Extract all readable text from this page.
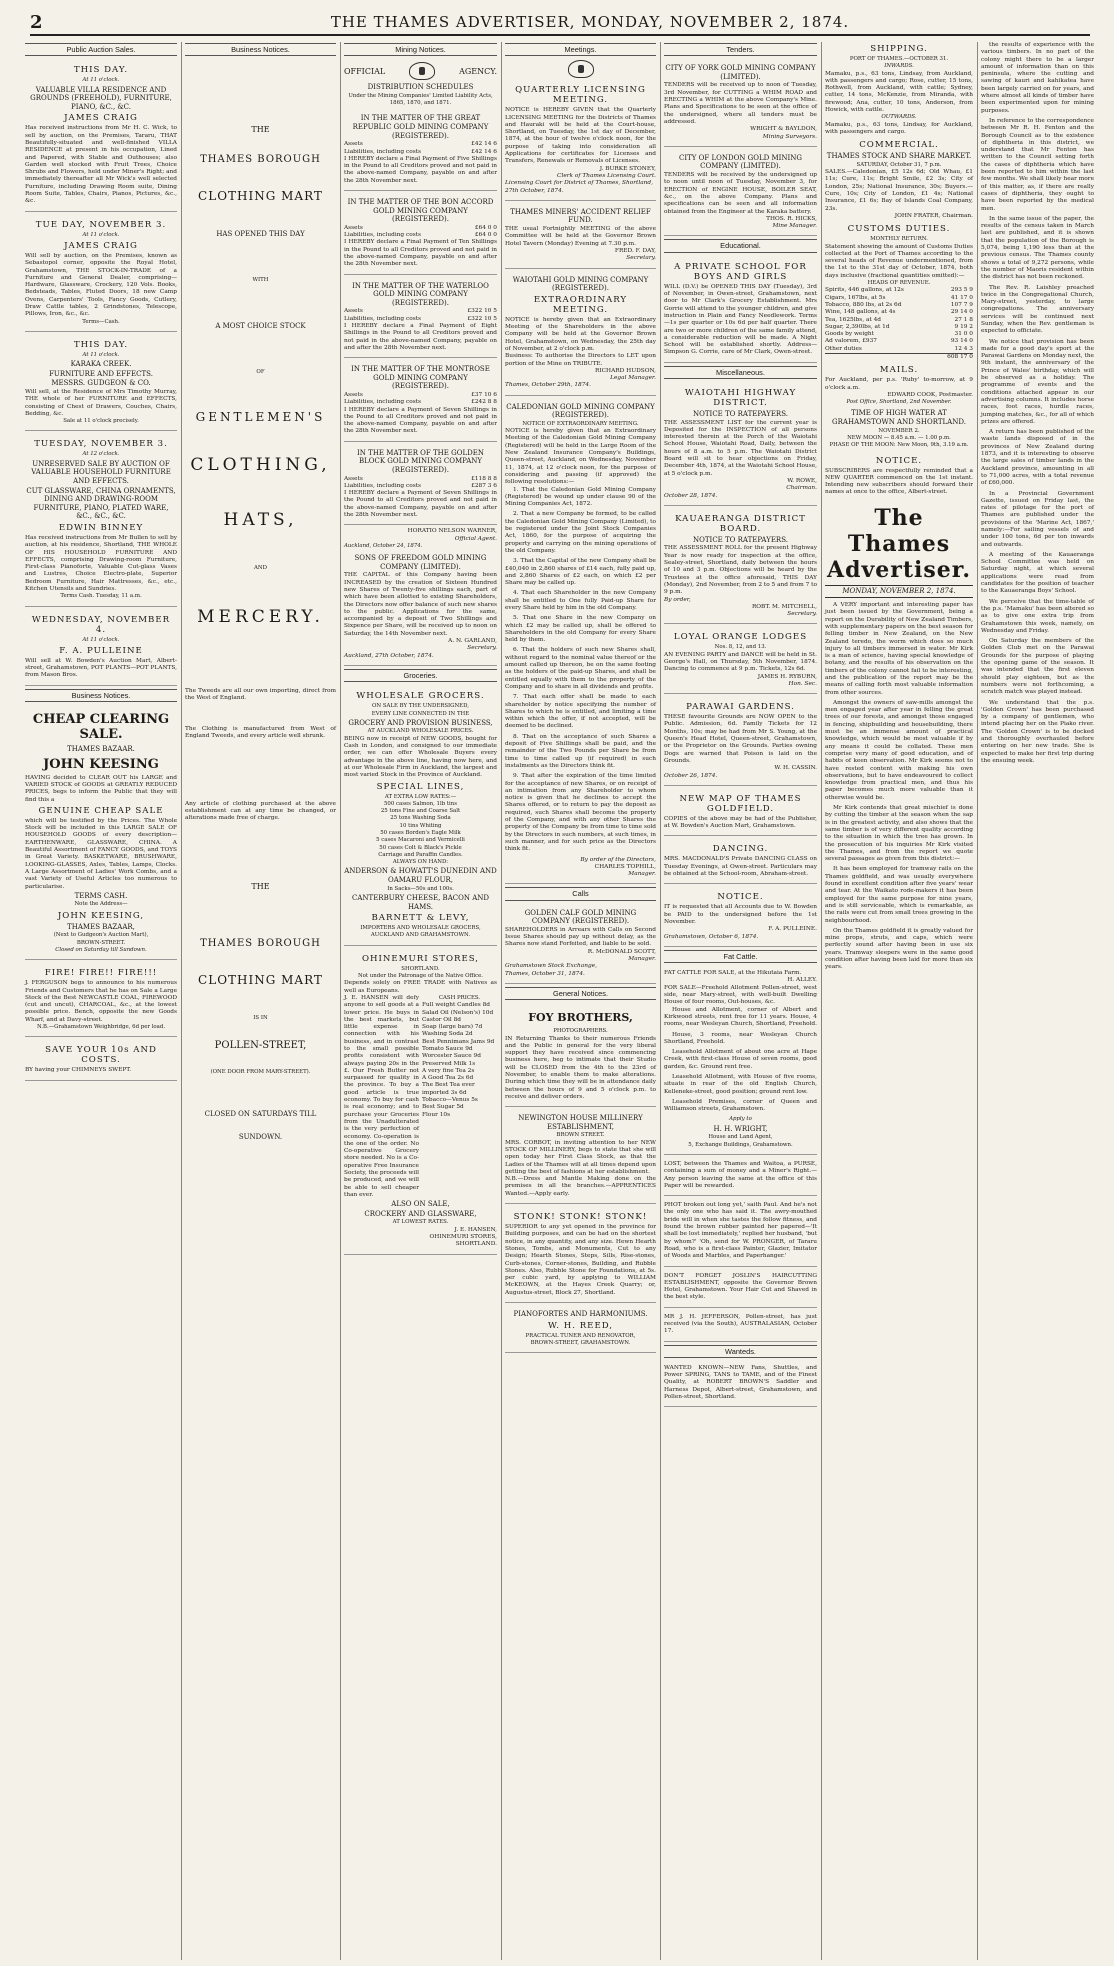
2	THE THAMES ADVERTISER, MONDAY, NOVEMBER 2, 1874.
Public Auction Sales.
THIS DAY.
At 11 o'clock.
VALUABLE VILLA RESIDENCE AND GROUNDS (FREEHOLD), FURNITURE, PIANO, &C., &C.
JAMES CRAIG
Has received instructions from Mr H. C. Wick, to sell by auction, on the Premises, Tararu, THAT Beautifully-situated and well-finished VILLA RESIDENCE at present in his occupation, Lined and Papered, with Stable and Outhouses; also Garden well stocked with Fruit Trees, Choice Shrubs and Flowers, held under Miner's Right; and immediately thereafter all Mr Wick's well selected Furniture, including Drawing Room suite, Dining Room Suite, Tables, Chairs, Pianos, Pictures, &c., &c.
TUE DAY, NOVEMBER 3.
At 11 o'clock.
JAMES CRAIG
Will sell by auction, on the Premises, known as Sebastopol corner, opposite the Royal Hotel, Grahamstown, THE STOCK-IN-TRADE of a Furniture and General Dealer, comprising—Hardware, Glassware, Crockery, 120 Vols. Books, Bedsteads, Tables, Fluted Doors, 18 new Camp Ovens, Carpenters' Tools, Fancy Goods, Cutlery, Draw Cattle tables, 2 Grindstones, Telescope, Pillows, Iron, &c., &c.
Terms—Cash.
THIS DAY.
At 11 o'clock.
KARAKA CREEK.
FURNITURE AND EFFECTS.
MESSRS. GUDGEON & CO.
Will sell, at the Residence of Mrs Timothy Murray, THE whole of her FURNITURE and EFFECTS, consisting of Chest of Drawers, Couches, Chairs, Bedding, &c.
Sale at 11 o'clock precisely.
TUESDAY, NOVEMBER 3.
At 12 o'clock.
UNRESERVED SALE BY AUCTION OF VALUABLE HOUSEHOLD FURNITURE AND EFFECTS.
CUT GLASSWARE, CHINA ORNAMENTS, DINING AND DRAWING-ROOM FURNITURE, PIANO, PLATED WARE, &C., &C., &C.
EDWIN BINNEY
Has received instructions from Mr Bullen to sell by auction, at his residence, Shortland, THE WHOLE OF HIS HOUSEHOLD FURNITURE AND EFFECTS, comprising Drawing-room Furniture, First-class Pianoforte, Valuable Cut-glass Vases and Lustres, Choice Electro-plate, Superior Bedroom Furniture, Hair Mattresses, &c., etc., Kitchen Utensils and Sundries.
Terms Cash. Tuesday, 11 a.m.
WEDNESDAY, NOVEMBER 4.
At 11 o'clock.
F. A. PULLEINE
Will sell at W. Bowden's Auction Mart, Albert-street, Grahamstown, POT PLANTS—POT PLANTS, from Mason Bros.
Business Notices.
CHEAP CLEARING SALE.
THAMES BAZAAR.
JOHN KEESING
HAVING decided to CLEAR OUT his LARGE and VARIED STOCK of GOODS at GREATLY REDUCED PRICES, begs to inform the Public that they will find this a
GENUINE CHEAP SALE
which will be testified by the Prices. The Whole Stock will be included in this LARGE SALE OF HOUSEHOLD GOODS of every description— EARTHENWARE, GLASSWARE, CHINA. A Beautiful Assortment of FANCY GOODS, and TOYS in Great Variety. BASKETWARE, BRUSHWARE, LOOKING-GLASSES, Axles, Tables, Lamps, Clocks. A Large Assortment of Ladies' Work Combs, and a vast Variety of Useful Articles too numerous to particularise.
TERMS CASH.
Note the Address—
JOHN KEESING,
THAMES BAZAAR,
(Next to Gudgeon's Auction Mart),
BROWN-STREET.
Closed on Saturday till Sundown.
FIRE! FIRE!! FIRE!!!
J. FERGUSON begs to announce to his numerous Friends and Customers that he has on Sale a Large Stock of the Best NEWCASTLE COAL, FIREWOOD (cut and uncut), CHARCOAL, &c., at the lowest possible price. Bench, opposite the new Goods Wharf, and at Davy-street.
N.B.—Grahamstown Weighbridge, 6d per load.
SAVE YOUR 10s AND COSTS.
BY having your CHIMNEYS SWEPT.
Business Notices.
THE
THAMES BOROUGH
CLOTHING MART
HAS OPENED THIS DAY
WITH
A MOST CHOICE STOCK
OF
GENTLEMEN'S
CLOTHING,
HATS,
AND
MERCERY.
The Tweeds are all our own importing, direct from the West of England.
The Clothing is manufactured from West of England Tweeds, and every article well shrunk.
Any article of clothing purchased at the above establishment can at any time be changed, or alterations made free of charge.
THE
THAMES BOROUGH
CLOTHING MART
IS IN
POLLEN-STREET,
(ONE DOOR FROM MARY-STREET).
CLOSED ON SATURDAYS TILL
SUNDOWN.
Mining Notices.
OFFICIAL	AGENCY.
DISTRIBUTION SCHEDULES
Under the Mining Companies' Limited Liability Acts, 1865, 1870, and 1871.
IN THE MATTER OF THE GREAT REPUBLIC GOLD MINING COMPANY (REGISTERED).
Assets	£42 14 6
Liabilities, including costs	£42 14 6
I HEREBY declare a Final Payment of Five Shillings in the Pound to all Creditors proved and not paid in the above-named Company, payable on and after the 28th November next.
IN THE MATTER OF THE BON ACCORD GOLD MINING COMPANY (REGISTERED).
Assets	£64 0 0
Liabilities, including costs	£64 0 0
I HEREBY declare a Final Payment of Ten Shillings in the Pound to all Creditors proved and not paid in the above-named Company, payable on and after the 28th November next.
IN THE MATTER OF THE WATERLOO GOLD MINING COMPANY (REGISTERED).
Assets	£322 10 5
Liabilities, including costs	£322 10 5
I HEREBY declare a Final Payment of Eight Shillings in the Pound to all Creditors proved and not paid in the above-named Company, payable on and after the 28th November next.
IN THE MATTER OF THE MONTROSE GOLD MINING COMPANY (REGISTERED).
Assets	£37 10 6
Liabilities, including costs	£242 8 8
I HEREBY declare a Payment of Seven Shillings in the Pound to all Creditors proved and not paid in the above-named Company, payable on and after the 28th November next.
IN THE MATTER OF THE GOLDEN BLOCK GOLD MINING COMPANY (REGISTERED).
Assets	£118 8 8
Liabilities, including costs	£287 3 6
I HEREBY declare a Payment of Seven Shillings in the Pound to all Creditors proved and not paid in the above-named Company, payable on and after the 28th November next.
HORATIO NELSON WARNER,
Official Agent.
Auckland, October 24, 1874.
SONS OF FREEDOM GOLD MINING COMPANY (LIMITED).
THE CAPITAL of this Company having been INCREASED by the creation of Sixteen Hundred new Shares of Twenty-five shillings each, part of which have been allotted to existing Shareholders, the Directors now offer balance of such new shares to the public. Applications for the same, accompanied by a deposit of Two Shillings and Sixpence per Share, will be received up to noon on Saturday, the 14th November next.
A. N. GARLAND,
Secretary.
Auckland, 27th October, 1874.
Groceries.
WHOLESALE GROCERS.
ON SALE BY THE UNDERSIGNED,
EVERY LINE CONNECTED IN THE
GROCERY AND PROVISION BUSINESS,
AT AUCKLAND WHOLESALE PRICES.
BEING now in receipt of NEW GOODS, bought for Cash in London, and consigned to our immediate order, we can offer Wholesale Buyers every advantage in the above line, having now here, and at our Wholesale Firm in Auckland, the largest and most varied Stock in the Province of Auckland.
SPECIAL LINES,
AT EXTRA LOW RATES:—
500 cases Salmon, 1lb tins
25 tons Fine and Coarse Salt
25 tons Washing Soda
10 tins Whiting
50 cases Borden's Eagle Milk
5 cases Macaroni and Vermicelli
50 cases Colt & Black's Pickle
Carriage and Paraffin Candles.
ALWAYS ON HAND:
ANDERSON & HOWATT'S DUNEDIN AND OAMARU FLOUR,
In Sacks—50s and 100s.
CANTERBURY CHEESE, BACON AND HAMS.
BARNETT & LEVY,
IMPORTERS AND WHOLESALE GROCERS,
AUCKLAND AND GRAHAMSTOWN.
OHINEMURI STORES,
SHORTLAND.
Not under the Patronage of the Native Office.
Depends solely on FREE TRADE with Natives as well as Europeans.
J. E. HANSEN will defy anyone to sell goods at a lower price. He buys in the best markets, but little expense in connection with his business, and in contrast to the small possible profits consistent with always paying 20s in the £. Our Fresh Butter not surpassed for quality in the province. To buy a good article is true economy. To buy for cash is real economy; and to purchase your Groceries from the Unadulterated is the very perfection of economy. Co-operation is the one of the order. No Co-operative Grocery store needed. No is a Co-operative Free Insurance Society, the proceeds will be produced, and we will be able to sell cheaper than ever.
CASH PRICES.
Full weight Candles 8d
Salad Oil (Nelson's) 10d
Castor Oil 8d
Soap (large bars) 7d
Washing Soda 2d
Best Pennimans Jams 9d
Tomato Sauce 9d
Worcester Sauce 9d
Preserved Milk 1s
A very fine Tea 2s
A Good Tea 2s 6d
The Best Tea ever imported 3s 6d
Tobacco—Venus 5s
Best Sugar 5d
Flour 10s
ALSO ON SALE,
CROCKERY AND GLASSWARE,
AT LOWEST RATES.
J. E. HANSEN,
OHINEMURI STORES,
SHORTLAND.
Meetings.
QUARTERLY LICENSING MEETING.
NOTICE is HEREBY GIVEN that the Quarterly LICENSING MEETING for the Districts of Thames and Hauraki will be held at the Court-house, Shortland, on Tuesday, the 1st day of December, 1874, at the hour of twelve o'clock noon, for the purpose of taking into consideration all Applications for certificates for Licenses and Transfers, Renewals or Removals of Licenses.
J. BURKE STONEY,
Clerk of Thames Licensing Court.
Licensing Court for District of Thames, Shortland, 27th October, 1874.
THAMES MINERS' ACCIDENT RELIEF FUND.
THE usual Fortnightly MEETING of the above Committee will be held at the Governor Brown Hotel Tavern (Monday) Evening at 7.30 p.m.
FRED. F. DAY,
Secretary.
WAIOTAHI GOLD MINING COMPANY (REGISTERED).
EXTRAORDINARY MEETING.
NOTICE is hereby given that an Extraordinary Meeting of the Shareholders in the above Company will be held at the Governor Brown Hotel, Grahamstown, on Wednesday, the 25th day of November, at 2 o'clock p.m.
Business: To authorise the Directors to LET upon portion of the Mine on TRIBUTE.
RICHARD HUDSON,
Legal Manager.
Thames, October 29th, 1874.
CALEDONIAN GOLD MINING COMPANY (REGISTERED).
NOTICE OF EXTRAORDINARY MEETING.
NOTICE is hereby given that an Extraordinary Meeting of the Caledonian Gold Mining Company (Registered) will be held in the Large Room of the New Zealand Insurance Company's Buildings, Queen-street, Auckland, on Wednesday, November 11, 1874, at 12 o'clock noon, for the purpose of considering and passing (if approved) the following resolutions:—
1. That the Caledonian Gold Mining Company (Registered) be wound up under clause 90 of the Mining Companies Act, 1872.
2. That a new Company be formed, to be called the Caledonian Gold Mining Company (Limited), to be registered under the Joint Stock Companies Act, 1860, for the purpose of acquiring the property and carrying on the mining operations of the old Company.
3. That the Capital of the new Company shall be £40,040 in 2,860 shares of £14 each, fully paid up, and 2,860 Shares of £2 each, on which £2 per Share may be called up.
4. That each Shareholder in the new Company shall be entitled to One fully Paid-up Share for every Share held by him in the old Company.
5. That one Share in the new Company on which £2 may be called up, shall be offered to Shareholders in the old Company for every Share held by them.
6. That the holders of such new Shares shall, without regard to the nominal value thereof or the amount called up thereon, be on the same footing as the holders of the paid-up Shares, and shall be entitled equally with them to the property of the Company and to share in all dividends and profits.
7. That each offer shall be made to each shareholder by notice specifying the number of Shares to which he is entitled, and limiting a time within which the offer, if not accepted, will be deemed to be declined.
8. That on the acceptance of such Shares a deposit of Five Shillings shall be paid, and the remainder of the Two Pounds per Share be from time to time called up (if required) in such instalments as the Directors think fit.
9. That after the expiration of the time limited for the acceptance of new Shares, or on receipt of an intimation from any Shareholder to whom notice is given that he declines to accept the Shares offered, or to return to pay the deposit as required, such Shares shall become the property of the Company, and with any other Shares the property of the Company be from time to time sold by the Directors in such numbers, at such times, in such manner, and for such price as the Directors think fit.
By order of the Directors,
CHARLES TOPHILL,
Manager.
Calls
GOLDEN CALF GOLD MINING COMPANY (REGISTERED).
SHAREHOLDERS in Arrears with Calls on Second Issue Shares should pay up without delay, as the Shares now stand Forfeited, and liable to be sold.
R. McDONALD SCOTT,
Manager.
Grahamstown Stock Exchange,
Thames, October 31, 1874.
General Notices.
FOY BROTHERS,
PHOTOGRAPHERS.
IN Returning Thanks to their numerous Friends and the Public in general for the very liberal support they have received since commencing business here, beg to intimate that their Studio will be CLOSED from the 4th to the 23rd of November, to enable them to make alterations. During which time they will be in attendance daily between the hours of 9 and 5 o'clock p.m. to receive and deliver orders.
NEWINGTON HOUSE MILLINERY ESTABLISHMENT,
BROWN STREET.
MRS. CORBOT, in inviting attention to her NEW STOCK OF MILLINERY, begs to state that she will open today her First Class Stock, as that the Ladies of the Thames will at all times depend upon getting the best of fashions at her establishment.
N.B.—Dress and Mantle Making done on the premises in all the branches.—APPRENTICES Wanted.—Apply early.
STONK! STONK! STONK!
SUPERIOR to any yet opened in the province for Building purposes, and can be had on the shortest notice, in any quantity, and any size. Hewn Hearth Stones, Tombs, and Monuments, Cut to any Design; Hearth Stones, Steps, Sills, Rise-stones, Curb-stones, Corner-stones, Building, and Rubble Stones. Also, Rubble Stone for Foundations, at 5s. per cubic yard, by applying to WILLIAM McKEOWN, at the Hayes Creek Quarry; or, Augustus-street, Block 27, Shortland.
PIANOFORTES AND HARMONIUMS.
W. H. REED,
PRACTICAL TUNER AND RENOVATOR,
BROWN-STREET, GRAHAMSTOWN.
Tenders.
CITY OF YORK GOLD MINING COMPANY (LIMITED).
TENDERS will be received up to noon of Tuesday, 3rd November, for CUTTING a WHIM ROAD and ERECTING a WHIM at the above Company's Mine. Plans and Specifications to be seen at the office of the undersigned, where all tenders must be addressed.
WRIGHT & BAYLDON,
Mining Surveyors.
CITY OF LONDON GOLD MINING COMPANY (LIMITED).
TENDERS will be received by the undersigned up to noon until noon of Tuesday, November 3, for ERECTION of ENGINE HOUSE, BOILER SEAT, &c., on the above Company. Plans and specifications can be seen and all information obtained from the Engineer at the Karaka battery.
THOS. R. HICKS,
Mine Manager.
Educational.
A PRIVATE SCHOOL FOR BOYS AND GIRLS
WILL (D.V.) be OPENED THIS DAY (Tuesday), 3rd of November, in Owen-street, Grahamstown, next door to Mr Clark's Grocery Establishment. Mrs Gorrie will attend to the younger children, and give instruction in Plain and Fancy Needlework. Terms—1s per quarter or 10s 6d per half quarter. There are two or more children of the same family attend, a considerable reduction will be made. A Night School will be established shortly. Address—Simpson G. Corrie, care of Mr Clark, Owen-street.
Miscellaneous.
WAIOTAHI HIGHWAY DISTRICT.
NOTICE TO RATEPAYERS.
THE ASSESSMENT LIST for the current year is Deposited for the INSPECTION of all persons interested therein at the Porch of the Waiotahi School House, Waiotahi Road, Daily, between the hours of 8 a.m. to 5 p.m. The Waiotahi District Board will sit to hear objections on Friday, December 4th, 1874, at the Waiotahi School House, at 5 o'clock p.m.
W. ROWE,
Chairman.
October 28, 1874.
KAUAERANGA DISTRICT BOARD.
NOTICE TO RATEPAYERS.
THE ASSESSMENT ROLL for the present Highway Year is now ready for inspection at the office, Sealey-street, Shortland, daily between the hours of 10 and 3 p.m. Objections will be heard by the Trustees at the office aforesaid, THIS DAY (Monday), 2nd November, from 2 to 5 and from 7 to 9 p.m.
By order,
ROBT. M. MITCHELL,
Secretary.
LOYAL ORANGE LODGES
Nos. 8, 12, and 13.
AN EVENING PARTY and DANCE will be held in St. George's Hall, on Thursday, 5th November, 1874. Dancing to commence at 9 p.m. Tickets, 12s 6d.
JAMES H. RYBURN,
Hon. Sec.
PARAWAI GARDENS.
THESE favourite Grounds are NOW OPEN to the Public. Admission, 6d. Family Tickets for 12 Months, 10s; may be had from Mr S. Young, at the Queen's Head Hotel, Queen-street, Grahamstown, or the Proprietor on the Grounds. Parties owning Dogs are warned that Poison is laid on the Grounds.
W. H. CASSIN.
October 26, 1874.
NEW MAP OF THAMES GOLDFIELD.
COPIES of the above may be had of the Publisher, at W. Bowden's Auction Mart, Grahamstown.
DANCING.
MRS. MACDONALD'S Private DANCING CLASS on Tuesday Evenings, at Owen-street. Particulars may be obtained at the School-room, Abraham-street.
NOTICE.
IT is requested that all Accounts due to W. Bowden be PAID to the undersigned before the 1st November.
F. A. PULLEINE.
Grahamstown, October 6, 1874.
Fat Cattle.
FAT CATTLE FOR SALE, at the Hikutaia Farm.
H. ALLEY.
FOR SALE—Freehold Allotment Pollen-street, west side, near Mary-street, with well-built Dwelling House of four rooms, Out-houses, &c.
House and Allotment, corner of Albert and Kirkwood streets, rent free for 11 years. House, 4 rooms, near Wesleyan Church, Shortland, Freehold.
House, 3 rooms, near Wesleyan Church Shortland, Freehold.
Leasehold Allotment of about one acre at Hape Creek, with first-class House of seven rooms, good garden, &c. Ground rent free.
Leasehold Allotment, with House of five rooms, situate in rear of the old English Church, Kelleneke-street, good position; ground rent low.
Leasehold Premises, corner of Queen and Williamson streets, Grahamstown.
Apply to
H. H. WRIGHT,
House and Land Agent,
5, Exchange Buildings, Grahamstown.
LOST, between the Thames and Waitoa, a PURSE, containing a sum of money and a Miner's Right.—Any person leaving the same at the office of this Paper will be rewarded.
PHOT broken out long yet,' saith Paul. And he's not the only one who has said it. The awry-mouthed bride will in when she tastes the follow fitness, and found the brown rubber painted her papered—'It shall be lost immediately,' replied her husband, 'but by whom?' 'Oh, send for W. PRONGER, of Tararu Road, who is a first-class Painter, Glazier, Imitator of Woods and Marbles, and Paperhanger.'
DON'T FORGET JOSLIN'S HAIRCUTTING ESTABLISHMENT, opposite the Governor Brown Hotel, Grahamstown. Your Hair Cut and Shaved in the best style.
MR J. H. JEFFERSON, Pollen-street, has just received (via the South), AUSTRALASIAN, October 17.
Wanteds.
WANTED KNOWN—NEW Fans, Shuttles, and Power SPRING, TANS to TAME, and of the Finest Quality, at ROBERT BROWN'S Saddler and Harness Depot, Albert-street, Grahamstown, and Pollen-street, Shortland.
SHIPPING.
PORT OF THAMES.—OCTOBER 31.
INWARDS.
Mamaku, p.s., 63 tons, Lindsay, from Auckland, with passengers and cargo; Rose, cutter, 15 tons, Rothwell, from Auckland, with cattle; Sydney, cutter, 14 tons, McKenzie, from Miranda, with firewood; Ana, cutter, 10 tons, Anderson, from Howick, with cattle.
OUTWARDS.
Mamaku, p.s., 63 tons, Lindsay, for Auckland, with passengers and cargo.
COMMERCIAL.
THAMES STOCK AND SHARE MARKET.
SATURDAY, October 31, 7 p.m.
SALES.—Caledonian, £5 12s 6d; Old Whau, £1 11s; Cure, 11s; Bright Smile, £2 3s; City of London, 25s; National Insurance, 30s; Buyers.—Cure, 10s; City of London, £1 4s; National Insurance, £1 6s; Bay of Islands Coal Company, 23s.
JOHN FRATER, Chairman.
CUSTOMS DUTIES.
MONTHLY RETURN.
Statement showing the amount of Customs Duties collected at the Port of Thames according to the several heads of Revenue undermentioned, from the 1st to the 31st day of October, 1874, both days inclusive (fractional quantities omitted):—
HEADS OF REVENUE.
Spirits, 446 gallons, at 12s	293 5 9
Cigars, 167lbs, at 5s	41 17 0
Tobacco, 880 lbs, at 2s 6d	107 7 9
Wine, 148 gallons, at 4s	29 14 0
Tea, 1625lbs, at 4d	27 1 8
Sugar, 2,390lbs, at 1d	9 19 2
Goods by weight	31 0 0
Ad valorem, £937	93 14 0
Other duties	12 4 3
608 17 0
MAILS.
For Auckland, per p.s. 'Ruby' to-morrow, at 9 o'clock a.m.
EDWARD COOK, Postmaster.
Post Office, Shortland, 2nd November.
TIME OF HIGH WATER AT GRAHAMSTOWN AND SHORTLAND.
NOVEMBER 2.
NEW MOON — 8.45 a.m. — 1.00 p.m.
PHASE OF THE MOON: New Moon, 9th, 3.19 a.m.
NOTICE.
SUBSCRIBERS are respectfully reminded that a NEW QUARTER commenced on the 1st instant. Intending new subscribers should forward their names at once to the office, Albert-street.
The Thames Advertiser.
MONDAY, NOVEMBER 2, 1874.
A VERY important and interesting paper has just been issued by the Government, being a report on the Durability of New Zealand Timbers, with supplementary papers on the best season for felling timber in New Zealand, on the New Zealand teredo, the worm which does so much injury to all timbers immersed in water. Mr Kirk is a man of science, having special knowledge of botany, and the results of his observation on the timbers of the colony cannot fail to be interesting, and the publication of the report may be the means of calling forth most valuable information from other sources.
Amongst the owners of saw-mills amongst the men engaged year after year in felling the great trees of our forests, and amongst those engaged in fencing, shipbuilding and housebuilding, there must be an immense amount of practical knowledge, which would be most valuable if by any means it could be collated. These men comprise very many of good education, and of habits of keen observation. Mr Kirk seems not to have rested content with making his own observations, but to have endeavoured to collect knowledge from practical men, and thus his paper becomes much more valuable than it otherwise would be.
Mr Kirk contends that great mischief is done by cutting the timber at the season when the sap is in the greatest activity, and also shows that the same timber is of very different quality according to the situation in which the tree has grown. In the prosecution of his inquiries Mr Kirk visited the Thames, and from the report we quote several passages as given from this district:—
It has been employed for tramway rails on the Thames goldfield, and was usually everywhere found in excellent condition after five years' wear and tear. At the Waikato rode-makers it has been employed for the same purpose for nine years, and is still serviceable, which is remarkable, as the rails were cut from small trees growing in the neighbourhood.
On the Thames goldfield it is greatly valued for mine props, struts, and caps, which were perfectly sound after having been in use six years. Tramway sleepers were in the same good condition after having been laid for more than six years.
the results of experience with the various timbers. In no part of the colony might there to be a larger amount of information than on this peninsula, where the cutting and sawing of kauri and kahikatea have been largely carried on for years, and where almost all kinds of timber have been experimented upon for mining purposes.
In reference to the correspondence between Mr R. H. Fenton and the Borough Council as to the existence of diphtheria in this district, we understand that Mr Fenton has written to the Council setting forth the cases of diphtheria which have been reported to him within the last few months. We shall likely hear more of this matter, as, if there are really cases of diphtheria, they ought to have been reported by the medical men.
In the same issue of the paper, the results of the census taken in March last are published, and it is shown that the population of the Borough is 5,074, being 1,190 less than at the previous census. The Thames county shows a total of 9,272 persons, while the number of Maoris resident within the district has not been reckoned.
The Rev. R. Laishley preached twice in the Congregational Church, Mary-street, yesterday, to large congregations. The anniversary services will be continued next Sunday, when the Rev. gentleman is expected to officiate.
We notice that provision has been made for a good day's sport at the Parawai Gardens on Monday next, the 9th instant, the anniversary of the Prince of Wales' birthday, which will be observed as a holiday. The programme of events and the conditions attached appear in our advertising columns. It includes horse races, foot races, hurdle races, jumping matches, &c., for all of which prizes are offered.
A return has been published of the waste lands disposed of in the provinces of New Zealand during 1873, and it is interesting to observe the large sales of timber lands in the Auckland province, amounting in all to 71,000 acres, with a total revenue of £60,000.
In a Provincial Government Gazette, issued on Friday last, the rates of pilotage for the port of Thames are published under the provisions of the 'Marine Act, 1867,' namely:—For sailing vessels of and under 100 tons, 6d per ton inwards and outwards.
A meeting of the Kauaeranga School Committee was held on Saturday night, at which several applications were read from candidates for the position of teacher to the Kauaeranga Boys' School.
We perceive that the time-table of the p.s. 'Mamaku' has been altered so as to give one extra trip from Grahamstown this week, namely, on Wednesday and Friday.
On Saturday the members of the Golden Club met on the Parawai Grounds for the purpose of playing the opening game of the season. It was intended that the first eleven should play eighteen, but as the numbers were not forthcoming, a scratch match was played instead.
We understand that the p.s. 'Golden Crown' has been purchased by a company of gentlemen, who intend placing her on the Piako river. The 'Golden Crown' is to be docked and thoroughly overhauled before entering on her new trade. She is expected to make her first trip during the ensuing week.
